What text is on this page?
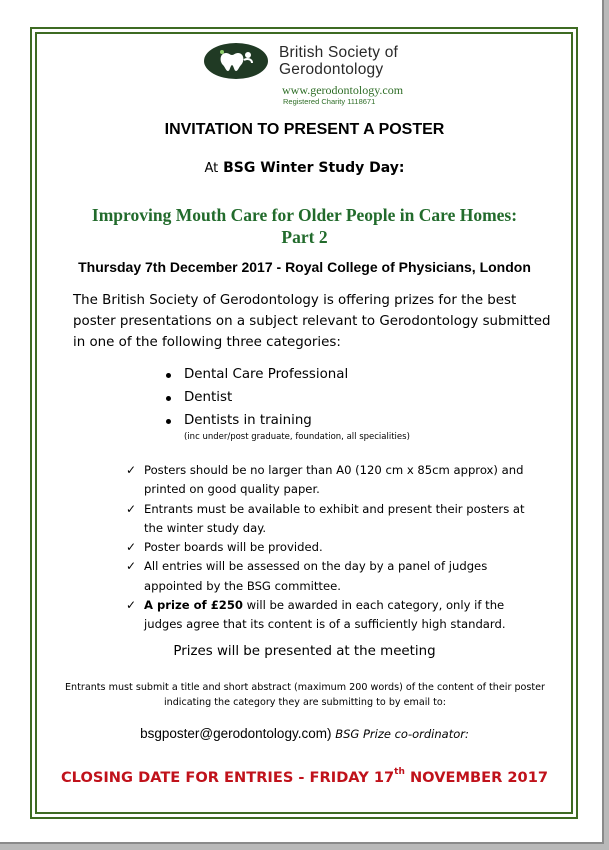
British Society of
Gerodontology
www.gerodontology.com
Registered Charity 1118671
INVITATION TO PRESENT A POSTER
At BSG Winter Study Day:
Improving Mouth Care for Older People in Care Homes:
Part 2
Thursday 7th December 2017 - Royal College of Physicians, London
The British Society of Gerodontology is offering prizes for the best poster presentations on a subject relevant to Gerodontology submitted in one of the following three categories:
Dental Care Professional
Dentist
Dentists in training
(inc under/post graduate, foundation, all specialities)
✓ Posters should be no larger than A0 (120 cm x 85cm approx) and printed on good quality paper.
✓ Entrants must be available to exhibit and present their posters at the winter study day.
✓ Poster boards will be provided.
✓ All entries will be assessed on the day by a panel of judges appointed by the BSG committee.
✓ A prize of £250 will be awarded in each category, only if the judges agree that its content is of a sufficiently high standard.
Prizes will be presented at the meeting
Entrants must submit a title and short abstract (maximum 200 words) of the content of their poster indicating the category they are submitting to by email to:
bsgposter@gerodontology.com) BSG Prize co-ordinator:
CLOSING DATE FOR ENTRIES - FRIDAY 17th NOVEMBER 2017
